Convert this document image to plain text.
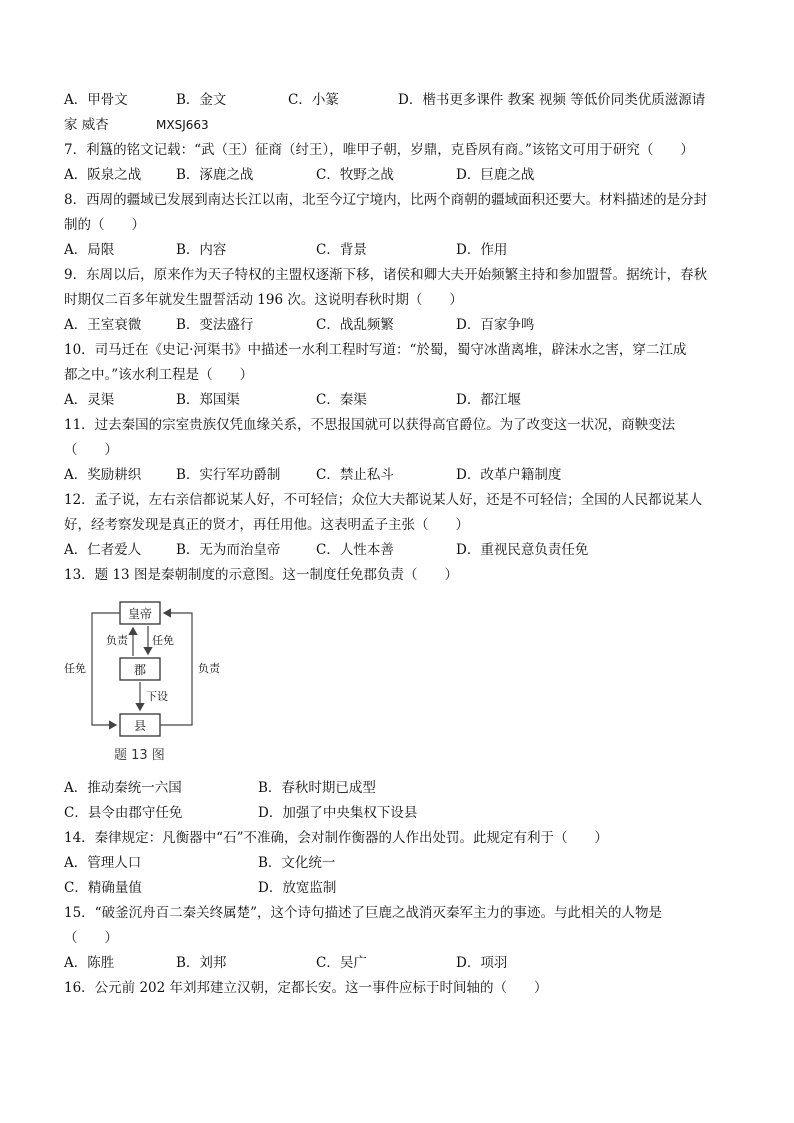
A．甲骨文	B．金文	C．小篆	D．楷书更多课件 教案 视频 等低价同类优质滋源请
家 威杏	MXSJ663
7．利簋的铭文记载：“武（王）征商（纣王），唯甲子朝，岁鼎，克昏夙有商。”该铭文可用于研究（　　）
A．阪泉之战	B．涿鹿之战	C．牧野之战	D．巨鹿之战
8．西周的疆域已发展到南达长江以南，北至今辽宁境内，比两个商朝的疆域面积还要大。材料描述的是分封
制的（　　）
A．局限	B．内容	C．背景	D．作用
9．东周以后，原来作为天子特权的主盟权逐渐下移，诸侯和卿大夫开始频繁主持和参加盟誓。据统计，春秋
时期仅二百多年就发生盟誓活动 196 次。这说明春秋时期（　　）
A．王室衰微	B．变法盛行	C．战乱频繁	D．百家争鸣
10．司马迁在《史记·河渠书》中描述一水利工程时写道：“於蜀，蜀守冰凿离堆，辟沫水之害，穿二江成
都之中。”该水利工程是（　　）
A．灵渠	B．郑国渠	C．秦渠	D．都江堰
11．过去秦国的宗室贵族仅凭血缘关系，不思报国就可以获得高官爵位。为了改变这一状况，商鞅变法
（　　）
A．奖励耕织	B．实行军功爵制	C．禁止私斗	D．改革户籍制度
12．孟子说，左右亲信都说某人好，不可轻信；众位大夫都说某人好，还是不可轻信；全国的人民都说某人
好，经考察发现是真正的贤才，再任用他。这表明孟子主张（　　）
A．仁者爱人	B．无为而治皇帝	C．人性本善	D．重视民意负责任免
13．题 13 图是秦朝制度的示意图。这一制度任免郡负责（　　）
皇帝
郡
县
负责 任免
下设
任免	负责
题 13 图
A．推动秦统一六国	B．春秋时期已成型
C．县令由郡守任免	D．加强了中央集权下设县
14．秦律规定：凡衡器中“石”不准确，会对制作衡器的人作出处罚。此规定有利于（　　）
A．管理人口	B．文化统一
C．精确量值	D．放宽监制
15．“破釜沉舟百二秦关终属楚”，这个诗句描述了巨鹿之战消灭秦军主力的事迹。与此相关的人物是
（　　）
A．陈胜	B．刘邦	C．吴广	D．项羽
16．公元前 202 年刘邦建立汉朝，定都长安。这一事件应标于时间轴的（　　）
